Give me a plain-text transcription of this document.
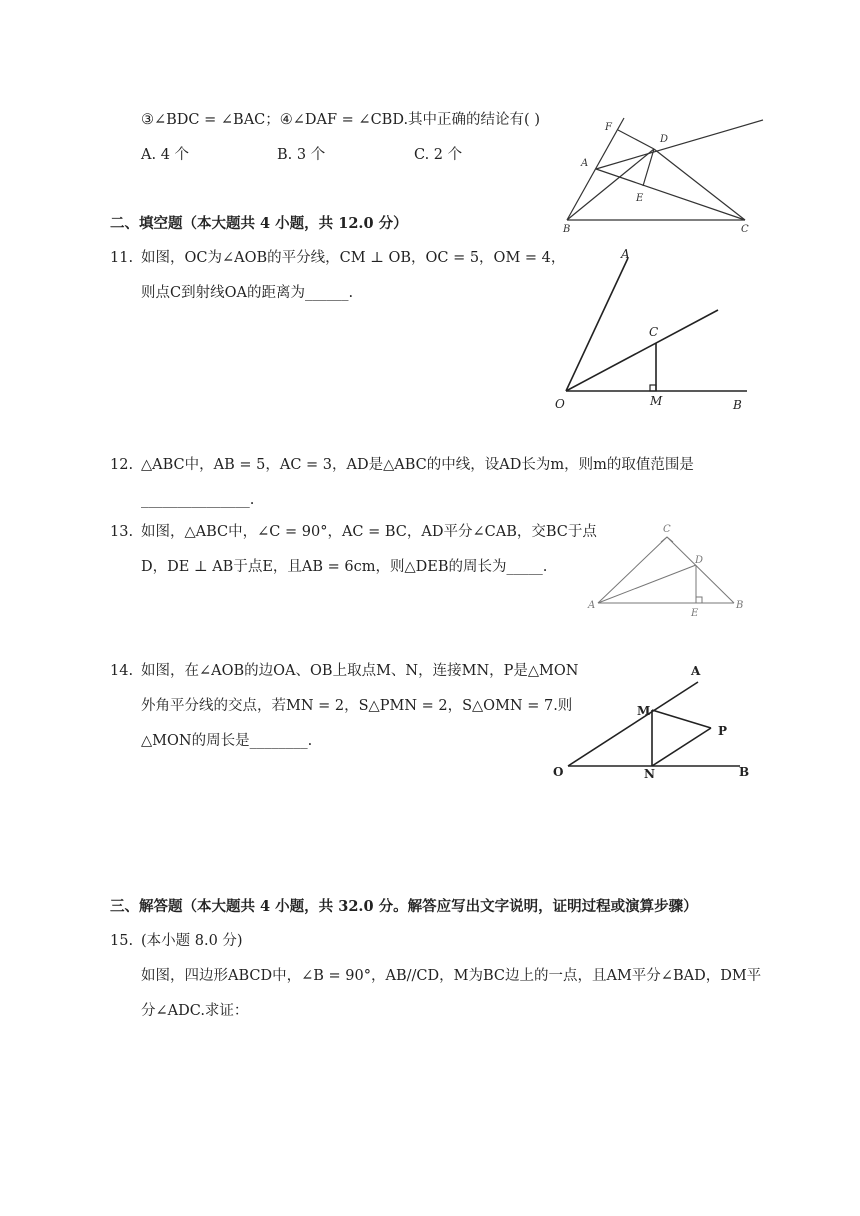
③∠BDC = ∠BAC；④∠DAF = ∠CBD.其中正确的结论有( )
A. 4 个	B. 3 个	C. 2 个
F
D
A
E
B	C
二、填空题（本大题共 4 小题，共 12.0 分）
11. 如图，OC为∠AOB的平分线，CM ⊥ OB，OC = 5，OM = 4，
则点C到射线OA的距离为______.
A
C
O	M	B
12. △ABC中，AB = 5，AC = 3，AD是△ABC的中线，设AD长为m，则m的取值范围是
_______________.
13. 如图，△ABC中，∠C = 90°，AC = BC，AD平分∠CAB，交BC于点
D，DE ⊥ AB于点E，且AB = 6cm，则△DEB的周长为_____.
C
D
A
E
B
14. 如图，在∠AOB的边OA、OB上取点M、N，连接MN，P是△MON
外角平分线的交点，若MN = 2，S△PMN = 2，S△OMN = 7.则
△MON的周长是________.
A
M
P
O	N	B
三、解答题（本大题共 4 小题，共 32.0 分。解答应写出文字说明，证明过程或演算步骤）
15. (本小题 8.0 分)
如图，四边形ABCD中，∠B = 90°，AB//CD，M为BC边上的一点，且AM平分∠BAD，DM平
分∠ADC.求证：
